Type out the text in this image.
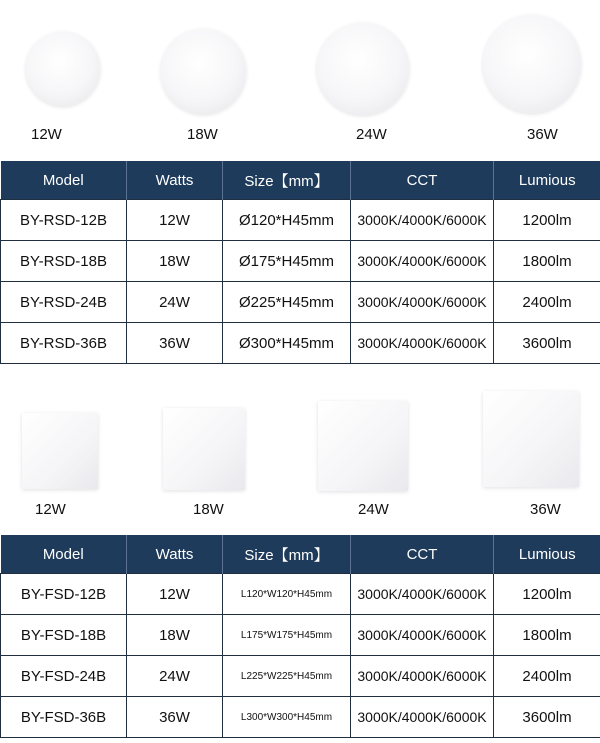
12W	18W	24W	36W
Model	Watts	Size【mm】	CCT	Lumious
BY-RSD-12B	12W	Ø120*H45mm	3000K/4000K/6000K	1200lm
BY-RSD-18B	18W	Ø175*H45mm	3000K/4000K/6000K	1800lm
BY-RSD-24B	24W	Ø225*H45mm	3000K/4000K/6000K	2400lm
BY-RSD-36B	36W	Ø300*H45mm	3000K/4000K/6000K	3600lm
12W	18W	24W	36W
Model	Watts	Size【mm】	CCT	Lumious
BY-FSD-12B	12W	L120*W120*H45mm	3000K/4000K/6000K	1200lm
BY-FSD-18B	18W	L175*W175*H45mm	3000K/4000K/6000K	1800lm
BY-FSD-24B	24W	L225*W225*H45mm	3000K/4000K/6000K	2400lm
BY-FSD-36B	36W	L300*W300*H45mm	3000K/4000K/6000K	3600lm
